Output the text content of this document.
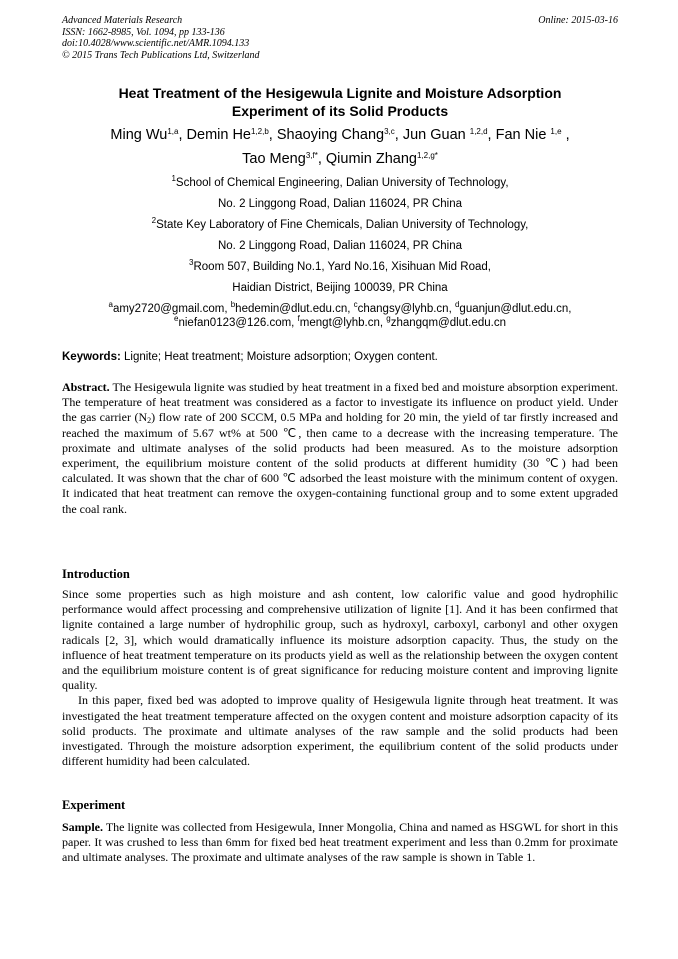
Advanced Materials Research
ISSN: 1662-8985, Vol. 1094, pp 133-136
doi:10.4028/www.scientific.net/AMR.1094.133
© 2015 Trans Tech Publications Ltd, Switzerland
Online: 2015-03-16
Heat Treatment of the Hesigewula Lignite and Moisture Adsorption
Experiment of its Solid Products
Ming Wu$^{1,a}$, Demin He$^{1,2,b}$, Shaoying Chang$^{3,c}$, Jun Guan $^{1,2,d}$, Fan Nie $^{1,e}$ ,
Tao Meng$^{3,f*}$, Qiumin Zhang$^{1,2,g*}$
$^1$School of Chemical Engineering, Dalian University of Technology,
No. 2 Linggong Road, Dalian 116024, PR China
$^2$State Key Laboratory of Fine Chemicals, Dalian University of Technology,
No. 2 Linggong Road, Dalian 116024, PR China
$^3$Room 507, Building No.1, Yard No.16, Xisihuan Mid Road,
Haidian District, Beijing 100039, PR China
$^a$amy2720@gmail.com, $^b$hedemin@dlut.edu.cn, $^c$changsy@lyhb.cn, $^d$guanjun@dlut.edu.cn,
$^e$niefan0123@126.com, $^f$mengt@lyhb.cn, $^g$zhangqm@dlut.edu.cn
Keywords: Lignite; Heat treatment; Moisture adsorption; Oxygen content.

Abstract. The Hesigewula lignite was studied by heat treatment in a fixed bed and moisture absorption experiment. The temperature of heat treatment was considered as a factor to investigate its influence on product yield. Under the gas carrier $(N_2)$ flow rate of 200 SCCM, 0.5 MPa and holding for 20 min, the yield of tar firstly increased and reached the maximum of 5.67 wt% at 500 ℃, then came to a decrease with the increasing temperature. The proximate and ultimate analyses of the solid products had been measured. As to the moisture adsorption experiment, the equilibrium moisture content of the solid products at different humidity (30 ℃) had been calculated. It was shown that the char of 600 ℃ adsorbed the least moisture with the minimum content of oxygen. It indicated that heat treatment can remove the oxygen-containing functional group and to some extent upgraded the coal rank.

Introduction

Since some properties such as high moisture and ash content, low calorific value and good hydrophilic performance would affect processing and comprehensive utilization of lignite [1]. And it has been confirmed that lignite contained a large number of hydrophilic group, such as hydroxyl, carboxyl, carbonyl and other oxygen radicals [2, 3], which would dramatically influence its moisture adsorption capacity. Thus, the study on the influence of heat treatment temperature on its products yield as well as the relationship between the oxygen content and the equilibrium moisture content is of great significance for reducing moisture content and improving lignite quality.

In this paper, fixed bed was adopted to improve quality of Hesigewula lignite through heat treatment. It was investigated the heat treatment temperature affected on the oxygen content and moisture adsorption capacity of its solid products. The proximate and ultimate analyses of the raw sample and the solid products had been investigated. Through the moisture adsorption experiment, the equilibrium content of the solid products under different humidity had been calculated.

Experiment

Sample. The lignite was collected from Hesigewula, Inner Mongolia, China and named as HSGWL for short in this paper. It was crushed to less than 6mm for fixed bed heat treatment experiment and less than 0.2mm for proximate and ultimate analyses. The proximate and ultimate analyses of the raw sample is shown in Table 1.
